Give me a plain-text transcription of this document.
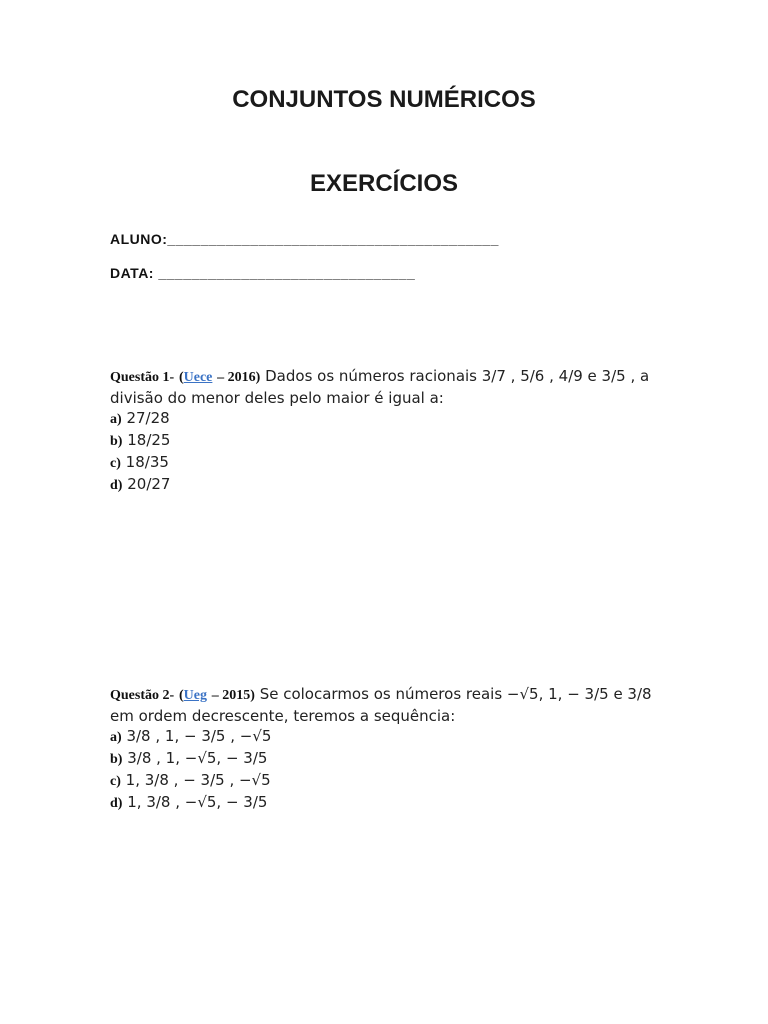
CONJUNTOS NUMÉRICOS
EXERCÍCIOS
ALUNO:________________________________________
DATA: _______________________________
Questão 1- (Uece – 2016) Dados os números racionais 3/7 , 5/6 , 4/9 e 3/5 , a divisão do menor deles pelo maior é igual a:
a) 27/28
b) 18/25
c) 18/35
d) 20/27
Questão 2- (Ueg – 2015) Se colocarmos os números reais −√5, 1, − 3/5 e 3/8 em ordem decrescente, teremos a sequência:
a) 3/8 , 1, − 3/5 , −√5
b) 3/8 , 1, −√5, − 3/5
c) 1, 3/8 , − 3/5 , −√5
d) 1, 3/8 , −√5, − 3/5
